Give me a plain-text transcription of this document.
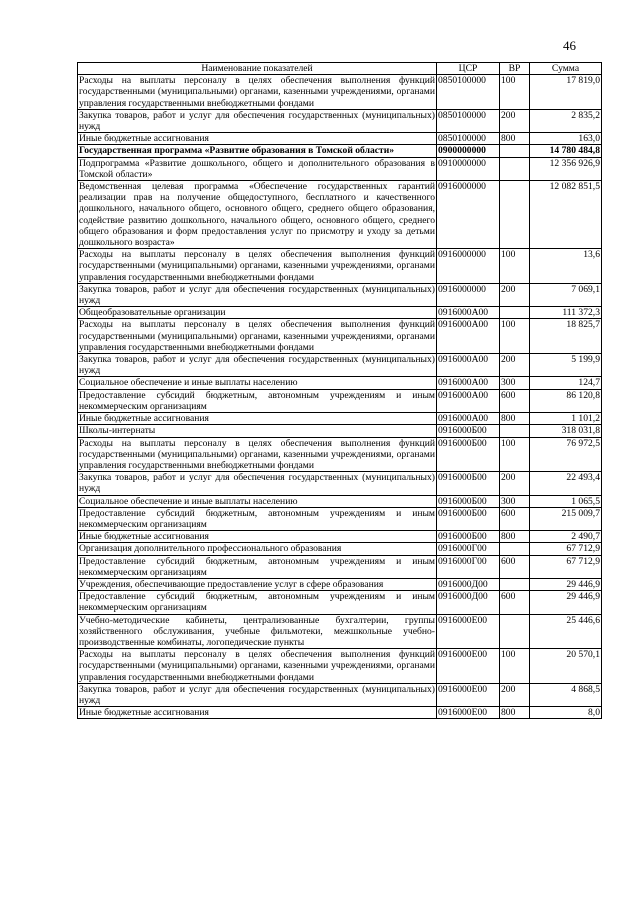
46
Наименование показателей	ЦСР	ВР	Сумма
Расходы на выплаты персоналу в целях обеспечения выполнения функций государственными (муниципальными) органами, казенными учреждениями, органами управления государственными внебюджетными фондами	0850100000	100	17 819,0
Закупка товаров, работ и услуг для обеспечения государственных (муниципальных) нужд	0850100000	200	2 835,2
Иные бюджетные ассигнования	0850100000	800	163,0
Государственная программа «Развитие образования в Томской области»	0900000000		14 780 484,8
Подпрограмма «Развитие дошкольного, общего и дополнительного образования в Томской области»	0910000000		12 356 926,9
Ведомственная целевая программа «Обеспечение государственных гарантий реализации прав на получение общедоступного, бесплатного и качественного дошкольного, начального общего, основного общего, среднего общего образования, содействие развитию дошкольного, начального общего, основного общего, среднего общего образования и форм предоставления услуг по присмотру и уходу за детьми дошкольного возраста»	0916000000		12 082 851,5
Расходы на выплаты персоналу в целях обеспечения выполнения функций государственными (муниципальными) органами, казенными учреждениями, органами управления государственными внебюджетными фондами	0916000000	100	13,6
Закупка товаров, работ и услуг для обеспечения государственных (муниципальных) нужд	0916000000	200	7 069,1
Общеобразовательные организации	0916000А00		111 372,3
Расходы на выплаты персоналу в целях обеспечения выполнения функций государственными (муниципальными) органами, казенными учреждениями, органами управления государственными внебюджетными фондами	0916000А00	100	18 825,7
Закупка товаров, работ и услуг для обеспечения государственных (муниципальных) нужд	0916000А00	200	5 199,9
Социальное обеспечение и иные выплаты населению	0916000А00	300	124,7
Предоставление субсидий бюджетным, автономным учреждениям и иным некоммерческим организациям	0916000А00	600	86 120,8
Иные бюджетные ассигнования	0916000А00	800	1 101,2
Школы-интернаты	0916000Б00		318 031,8
Расходы на выплаты персоналу в целях обеспечения выполнения функций государственными (муниципальными) органами, казенными учреждениями, органами управления государственными внебюджетными фондами	0916000Б00	100	76 972,5
Закупка товаров, работ и услуг для обеспечения государственных (муниципальных) нужд	0916000Б00	200	22 493,4
Социальное обеспечение и иные выплаты населению	0916000Б00	300	1 065,5
Предоставление субсидий бюджетным, автономным учреждениям и иным некоммерческим организациям	0916000Б00	600	215 009,7
Иные бюджетные ассигнования	0916000Б00	800	2 490,7
Организация дополнительного профессионального образования	0916000Г00		67 712,9
Предоставление субсидий бюджетным, автономным учреждениям и иным некоммерческим организациям	0916000Г00	600	67 712,9
Учреждения, обеспечивающие предоставление услуг в сфере образования	0916000Д00		29 446,9
Предоставление субсидий бюджетным, автономным учреждениям и иным некоммерческим организациям	0916000Д00	600	29 446,9
Учебно-методические кабинеты, централизованные бухгалтерии, группы хозяйственного обслуживания, учебные фильмотеки, межшкольные учебно-производственные комбинаты, логопедические пункты	0916000Е00		25 446,6
Расходы на выплаты персоналу в целях обеспечения выполнения функций государственными (муниципальными) органами, казенными учреждениями, органами управления государственными внебюджетными фондами	0916000Е00	100	20 570,1
Закупка товаров, работ и услуг для обеспечения государственных (муниципальных) нужд	0916000Е00	200	4 868,5
Иные бюджетные ассигнования	0916000Е00	800	8,0
